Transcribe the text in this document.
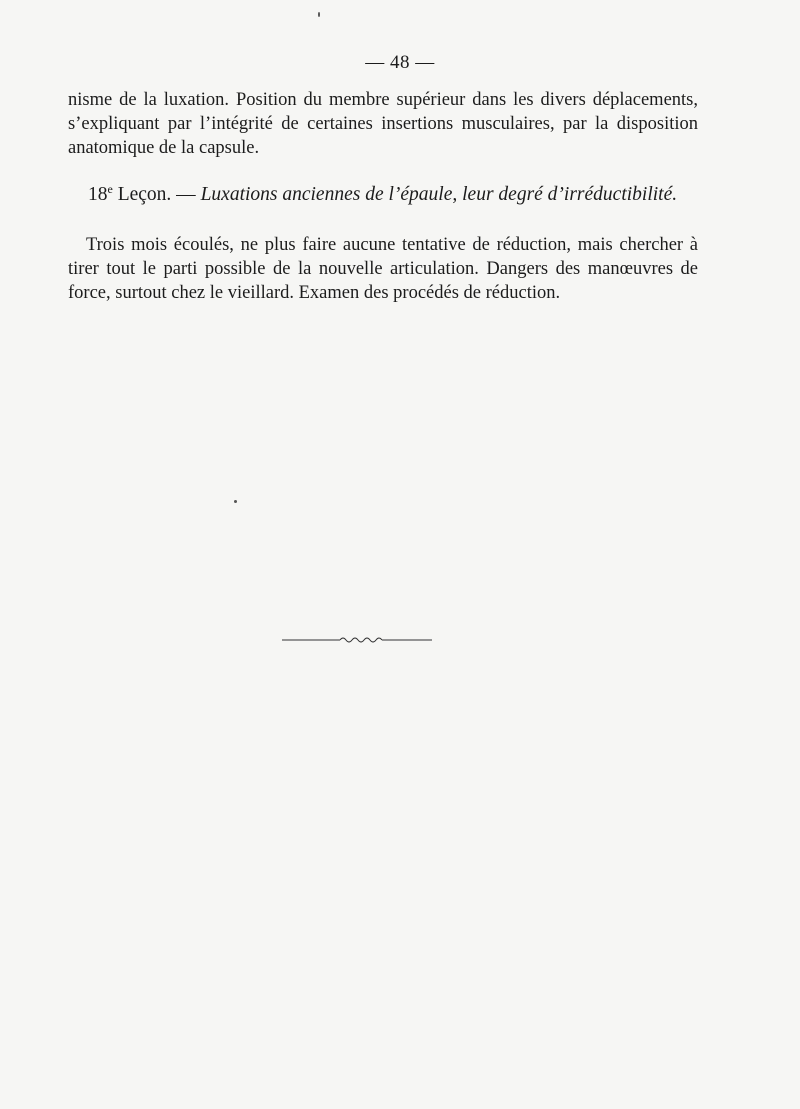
— 48 —

nisme de la luxation. Position du membre supérieur dans les divers déplacements, s’expliquant par l’intégrité de certaines insertions musculaires, par la disposition anatomique de la capsule.

18e Leçon. — Luxations anciennes de l’épaule, leur degré d’irréductibilité.

Trois mois écoulés, ne plus faire aucune tentative de réduction, mais chercher à tirer tout le parti possible de la nouvelle articulation. Dangers des manœuvres de force, surtout chez le vieillard. Examen des procédés de réduction.
